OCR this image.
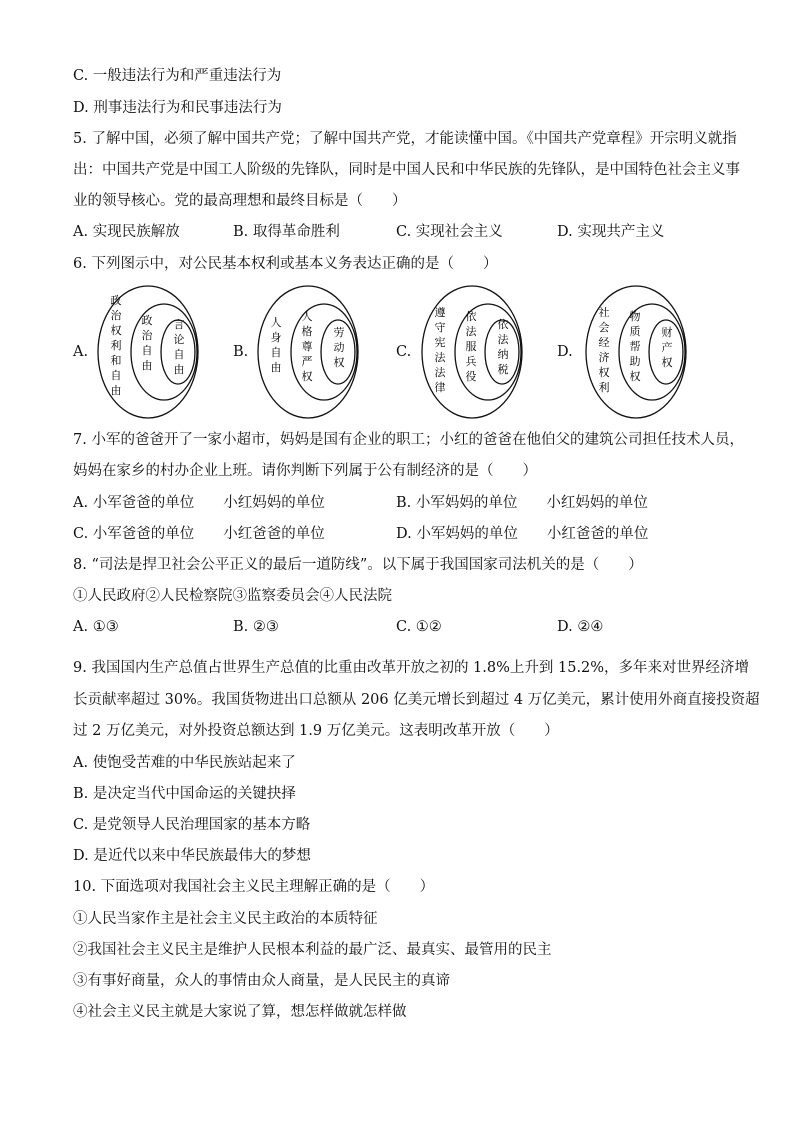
C. 一般违法行为和严重违法行为
D. 刑事违法行为和民事违法行为
5. 了解中国，必须了解中国共产党；了解中国共产党，才能读懂中国。《中国共产党章程》开宗明义就指
出：中国共产党是中国工人阶级的先锋队，同时是中国人民和中华民族的先锋队，是中国特色社会主义事
业的领导核心。党的最高理想和最终目标是（　　）
A. 实现民族解放	B. 取得革命胜利	C. 实现社会主义	D. 实现共产主义
6. 下列图示中，对公民基本权利或基本义务表达正确的是（　　）
A.
政治权利和自由
政治自由
言论自由
B.
人身自由
人格尊严权
劳动权
C.
遵守宪法法律
依法服兵役
依法纳税
D.
社会经济权利
物质帮助权
财产权
7. 小军的爸爸开了一家小超市，妈妈是国有企业的职工；小红的爸爸在他伯父的建筑公司担任技术人员，
妈妈在家乡的村办企业上班。请你判断下列属于公有制经济的是（　　）
A. 小军爸爸的单位　　小红妈妈的单位	B. 小军妈妈的单位　　小红妈妈的单位
C. 小军爸爸的单位　　小红爸爸的单位	D. 小军妈妈的单位　　小红爸爸的单位
8. “司法是捍卫社会公平正义的最后一道防线”。以下属于我国国家司法机关的是（　　）
①人民政府②人民检察院③监察委员会④人民法院
A. ①③	B. ②③	C. ①②	D. ②④
9. 我国国内生产总值占世界生产总值的比重由改革开放之初的 1.8%上升到 15.2%，多年来对世界经济增
长贡献率超过 30%。我国货物进出口总额从 206 亿美元增长到超过 4 万亿美元，累计使用外商直接投资超
过 2 万亿美元，对外投资总额达到 1.9 万亿美元。这表明改革开放（　　）
A. 使饱受苦难的中华民族站起来了
B. 是决定当代中国命运的关键抉择
C. 是党领导人民治理国家的基本方略
D. 是近代以来中华民族最伟大的梦想
10. 下面选项对我国社会主义民主理解正确的是（　　）
①人民当家作主是社会主义民主政治的本质特征
②我国社会主义民主是维护人民根本利益的最广泛、最真实、最管用的民主
③有事好商量，众人的事情由众人商量，是人民民主的真谛
④社会主义民主就是大家说了算，想怎样做就怎样做
